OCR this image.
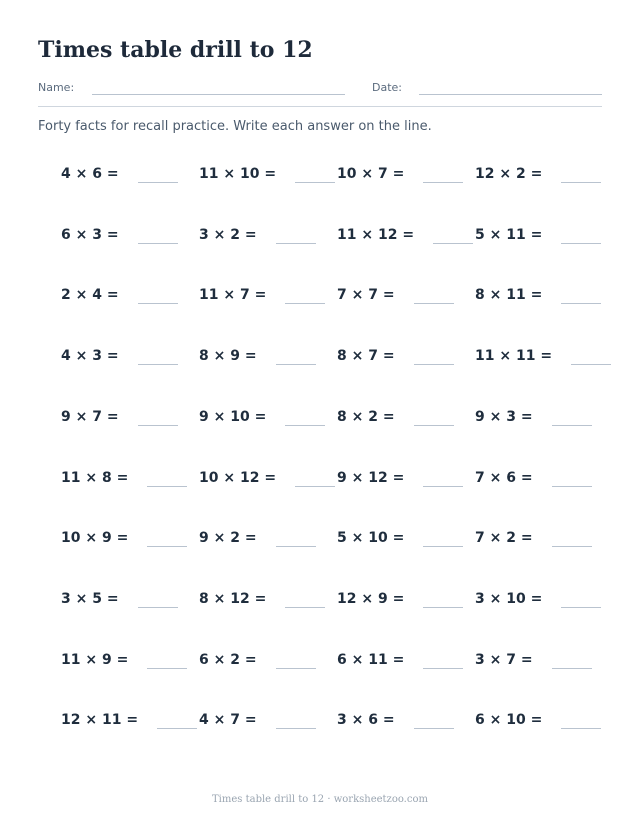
Times table drill to 12
Name:	Date:
Forty facts for recall practice. Write each answer on the line.
4 × 6 =	11 × 10 =	10 × 7 =	12 × 2 =
6 × 3 =	3 × 2 =	11 × 12 =	5 × 11 =
2 × 4 =	11 × 7 =	7 × 7 =	8 × 11 =
4 × 3 =	8 × 9 =	8 × 7 =	11 × 11 =
9 × 7 =	9 × 10 =	8 × 2 =	9 × 3 =
11 × 8 =	10 × 12 =	9 × 12 =	7 × 6 =
10 × 9 =	9 × 2 =	5 × 10 =	7 × 2 =
3 × 5 =	8 × 12 =	12 × 9 =	3 × 10 =
11 × 9 =	6 × 2 =	6 × 11 =	3 × 7 =
12 × 11 =	4 × 7 =	3 × 6 =	6 × 10 =
Times table drill to 12 · worksheetzoo.com
